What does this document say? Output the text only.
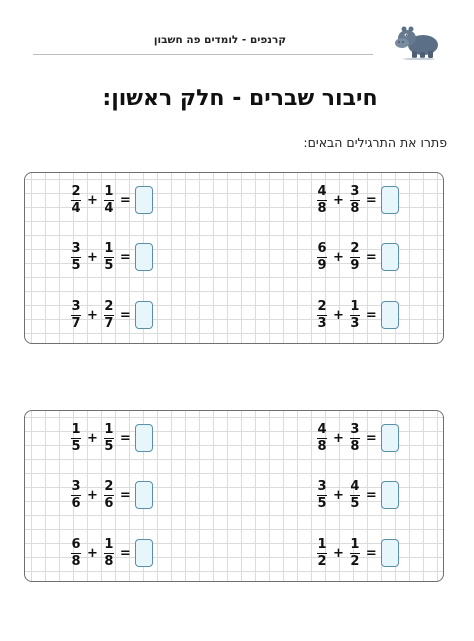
קרנפים - לומדים פה חשבון
חיבור שברים - חלק ראשון:
פתרו את התרגילים הבאים:
$\frac{2}{4} + \frac{1}{4}$ =	$\frac{4}{8} + \frac{3}{8}$ =
$\frac{3}{5} + \frac{1}{5}$ =	$\frac{6}{9} + \frac{2}{9}$ =
$\frac{3}{7} + \frac{2}{7}$ =	$\frac{2}{3} + \frac{1}{3}$ =
$\frac{1}{5} + \frac{1}{5}$ =	$\frac{4}{8} + \frac{3}{8}$ =
$\frac{3}{6} + \frac{2}{6}$ =	$\frac{3}{5} + \frac{4}{5}$ =
$\frac{6}{8} + \frac{1}{8}$ =	$\frac{1}{2} + \frac{1}{2}$ =
